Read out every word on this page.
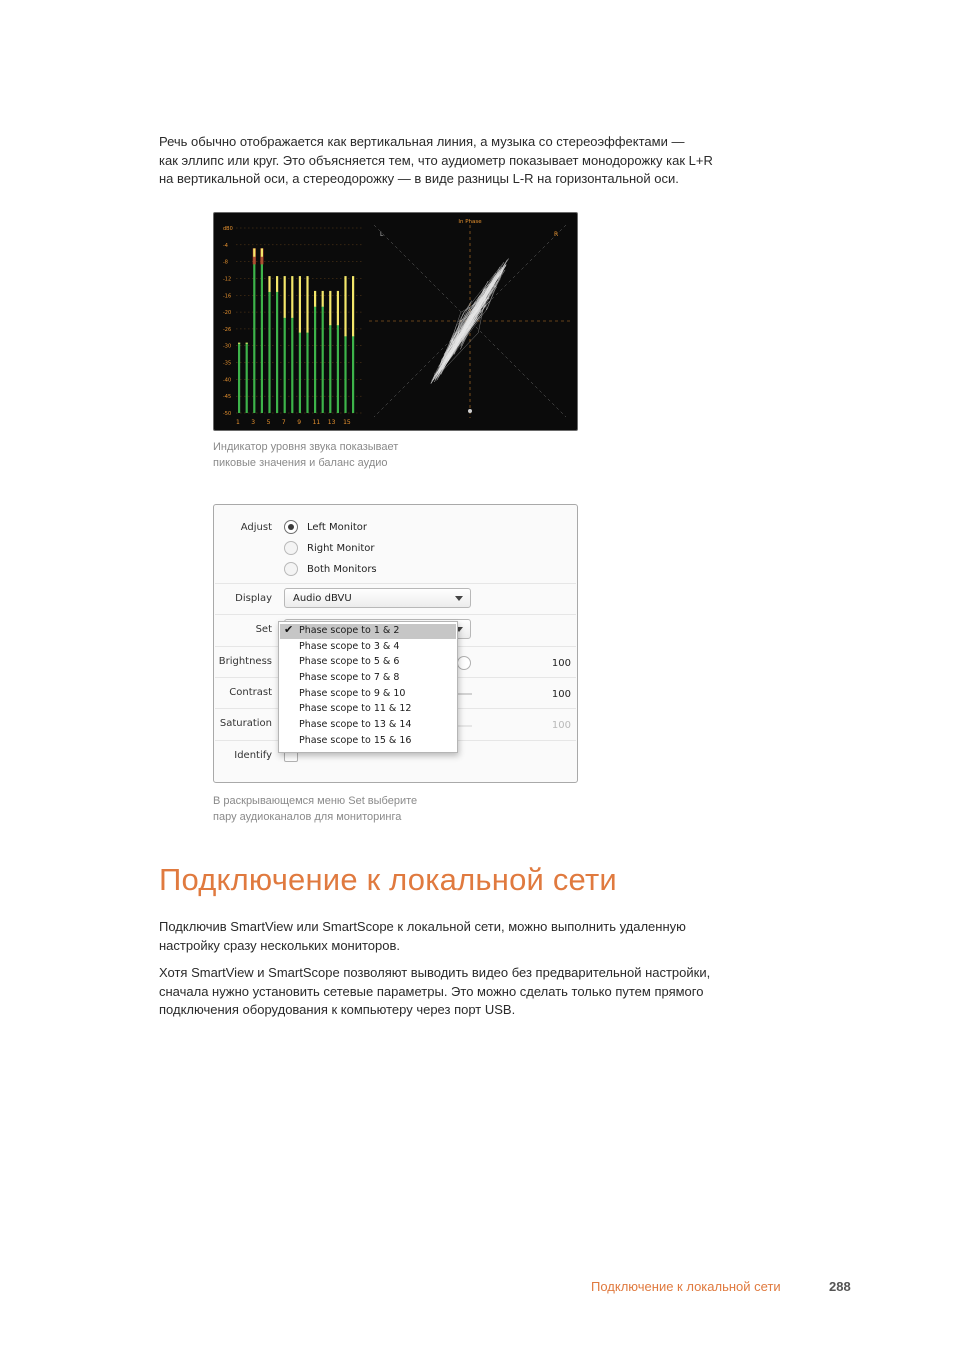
Речь обычно отображается как вертикальная линия, а музыка со стереоэффектами —
как эллипс или круг. Это объясняется тем, что аудиометр показывает монодорожку как L+R
на вертикальной оси, а стереодорожку — в виде разницы L-R на горизонтальной оси.
dB0
-4
-8
-12
-16
-20
-26
-30
-35
-40
-45
-50
1 3 5 7 9 11 13 15
In Phase
L	R
Индикатор уровня звука показывает
пиковые значения и баланс аудио
Adjust	Left Monitor
Right Monitor
Both Monitors
Display Audio dBVU
Set
Brightness	100
Contrast	100
Saturation	100
Identify
✔ Phase scope to 1 & 2
Phase scope to 3 & 4
Phase scope to 5 & 6
Phase scope to 7 & 8
Phase scope to 9 & 10
Phase scope to 11 & 12
Phase scope to 13 & 14
Phase scope to 15 & 16
В раскрывающемся меню Set выберите
пару аудиоканалов для мониторинга
Подключение к локальной сети
Подключив SmartView или SmartScope к локальной сети, можно выполнить удаленную
настройку сразу нескольких мониторов.
Хотя SmartView и SmartScope позволяют выводить видео без предварительной настройки,
сначала нужно установить сетевые параметры. Это можно сделать только путем прямого
подключения оборудования к компьютеру через порт USB.
Подключение к локальной сети	288
